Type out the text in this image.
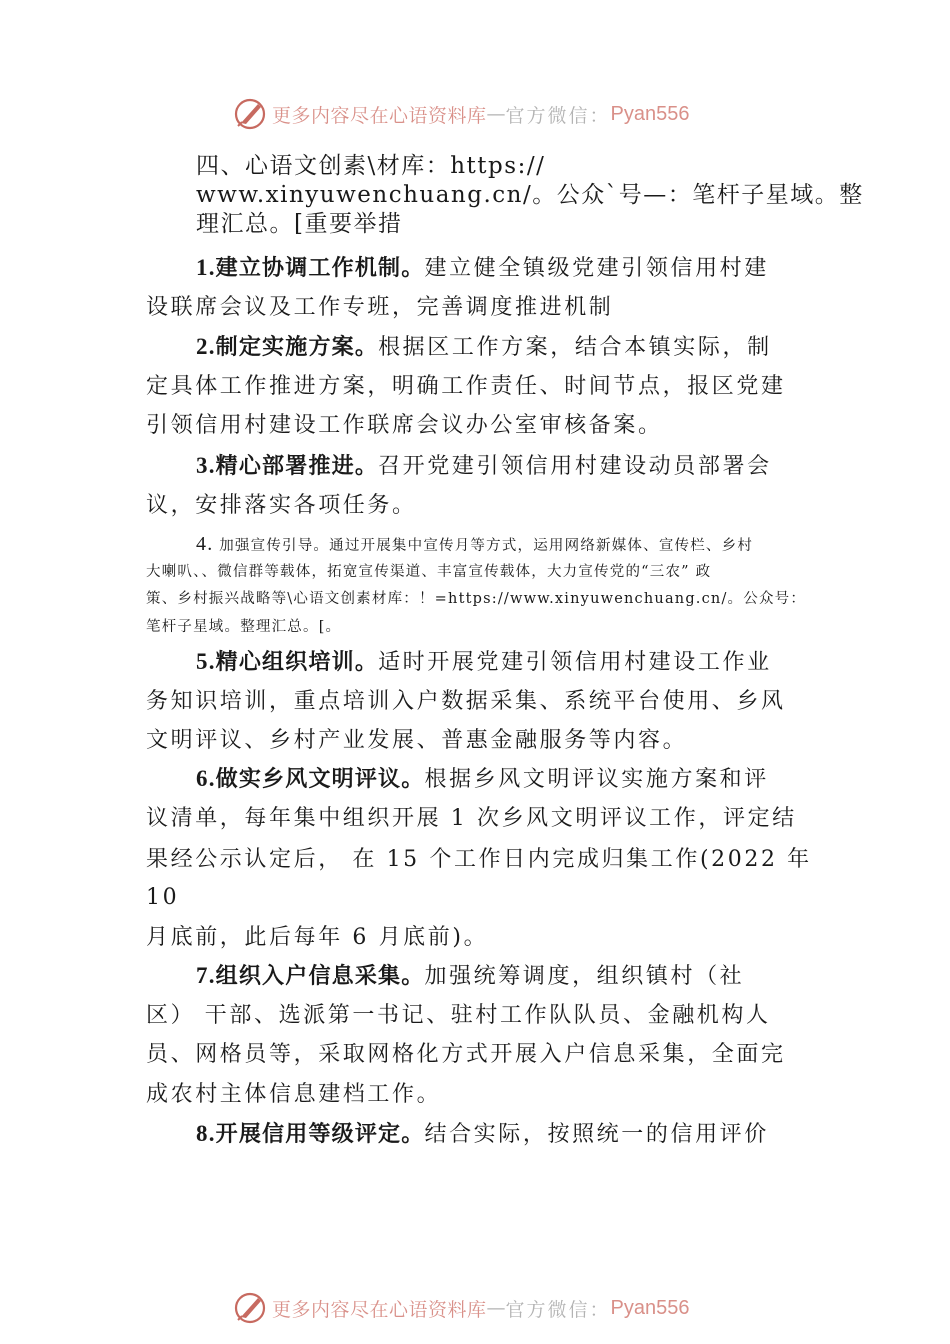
更多内容尽在心语资料库 — 官方微信： Pyan556
四、心语文创素\材库：https://
www.xinyuwenchuang.cn/。公众`号—：笔杆子星域。整
理汇总。[重要举措
1.建立协调工作机制。建立健全镇级党建引领信用村建
设联席会议及工作专班，完善调度推进机制
2.制定实施方案。根据区工作方案，结合本镇实际，制
定具体工作推进方案，明确工作责任、时间节点，报区党建
引领信用村建设工作联席会议办公室审核备案。
3.精心部署推进。召开党建引领信用村建设动员部署会
议，安排落实各项任务。
4. 加强宣传引导。通过开展集中宣传月等方式，运用网络新媒体、宣传栏、乡村
大喇叭、、微信群等载体，拓宽宣传渠道、丰富宣传载体，大力宣传党的“三农” 政
策、乡村振兴战略等\心语文创素材库：！=https://www.xinyuwenchuang.cn/。公众号：
笔杆子星域。整理汇总。[。
5.精心组织培训。适时开展党建引领信用村建设工作业
务知识培训，重点培训入户数据采集、系统平台使用、乡风
文明评议、乡村产业发展、普惠金融服务等内容。
6.做实乡风文明评议。根据乡风文明评议实施方案和评
议清单，每年集中组织开展 1 次乡风文明评议工作，评定结
果经公示认定后， 在 15 个工作日内完成归集工作(2022 年
10
月底前，此后每年 6 月底前)。
7.组织入户信息采集。加强统筹调度，组织镇村（社
区） 干部、选派第一书记、驻村工作队队员、金融机构人
员、网格员等，采取网格化方式开展入户信息采集，全面完
成农村主体信息建档工作。
8.开展信用等级评定。结合实际，按照统一的信用评价
更多内容尽在心语资料库 — 官方微信： Pyan556
